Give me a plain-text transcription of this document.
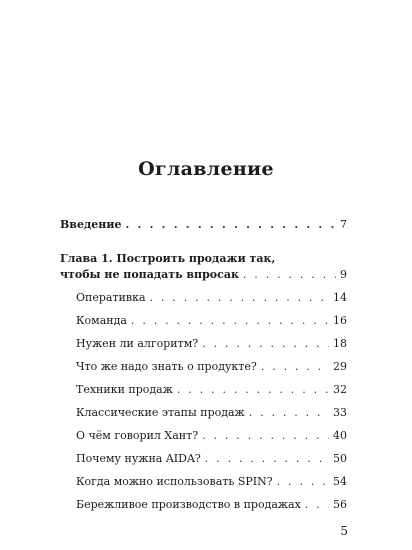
Оглавление
Введение . . .	7
Глава 1. Построить продажи так,
чтобы не попадать впросак . . .	9
Оперативка . . .	14
Команда . . .	16
Нужен ли алгоритм? . . .	18
Что же надо знать о продукте? . . .	29
Техники продаж . . .	32
Классические этапы продаж . . .	33
О чём говорил Хант? . . .	40
Почему нужна AIDA? . . .	50
Когда можно использовать SPIN? . . .	54
Бережливое производство в продажах . . .	56
5
